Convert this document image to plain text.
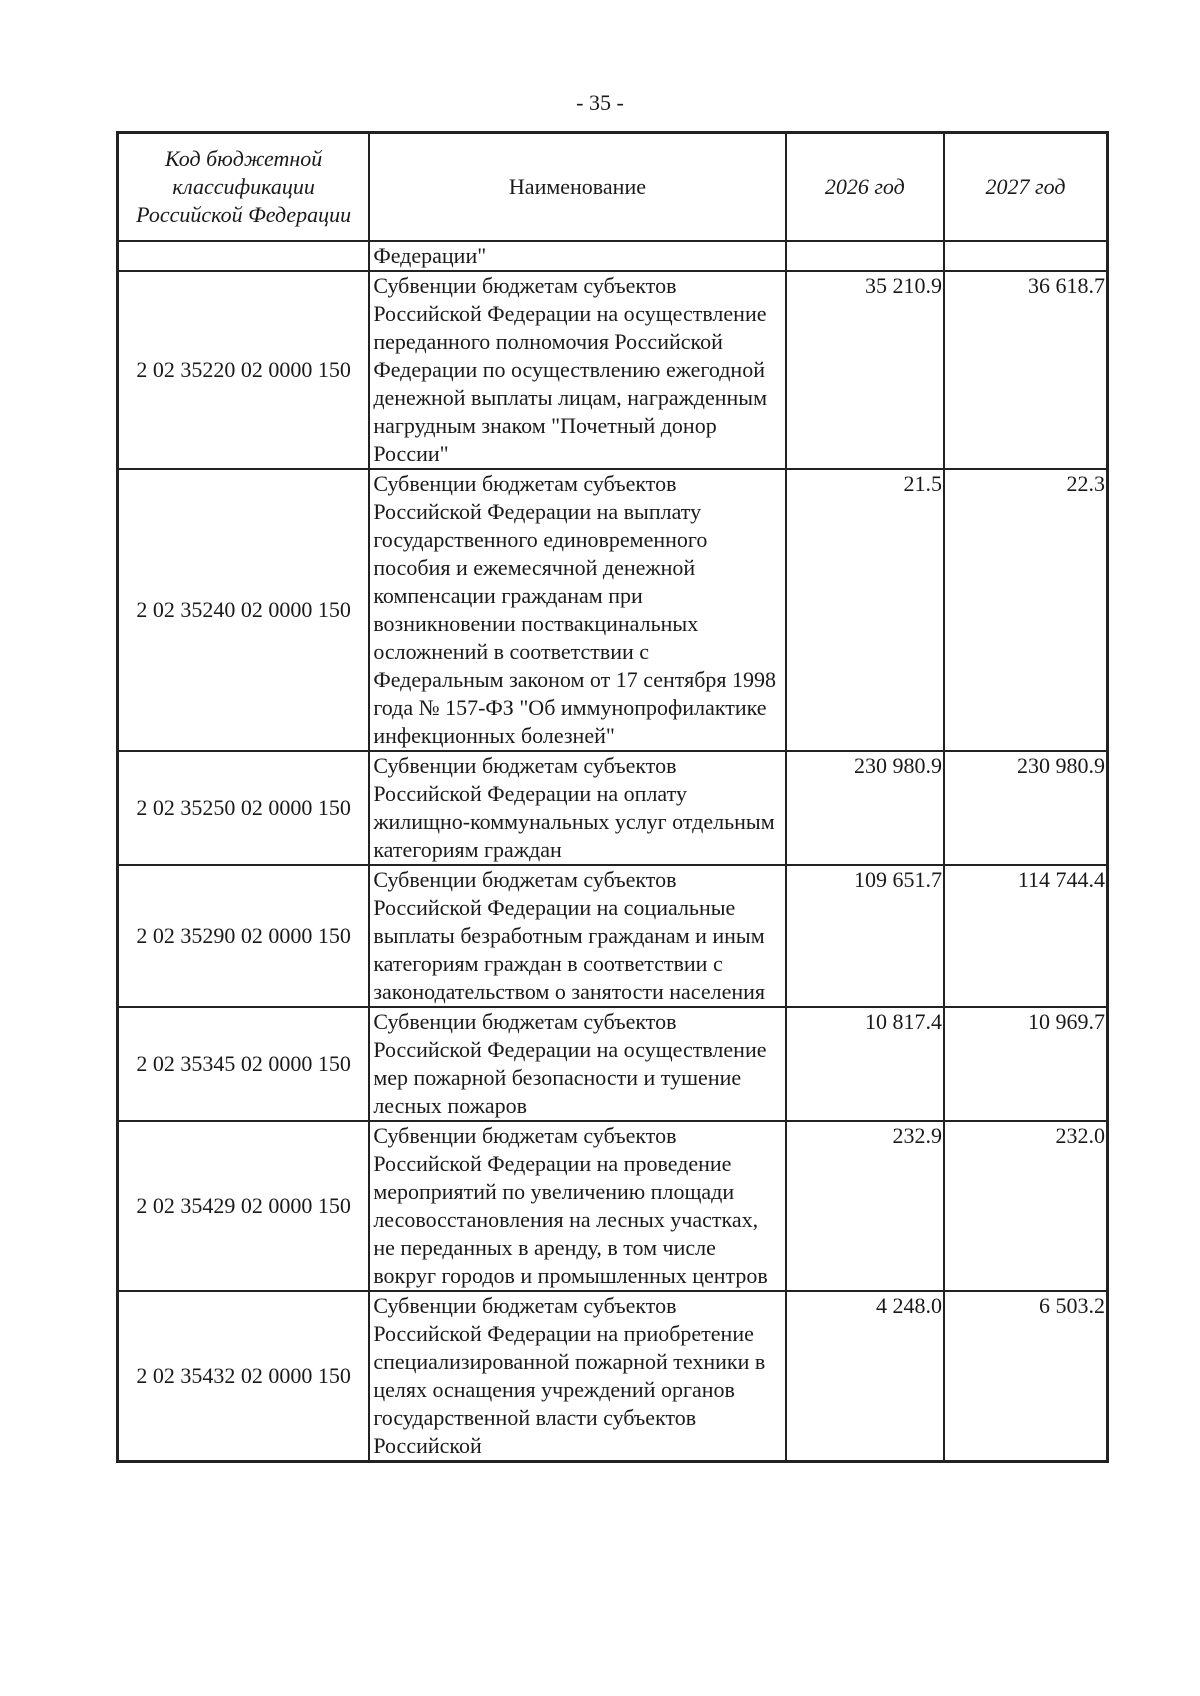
- 35 -
Код бюджетной классификации Российской Федерации	Наименование	2026 год	2027 год
	Федерации"		
2 02 35220 02 0000 150	Субвенции бюджетам субъектов Российской Федерации на осуществление переданного полномочия Российской Федерации по осуществлению ежегодной денежной выплаты лицам, награжденным нагрудным знаком "Почетный донор России"	35 210.9	36 618.7
2 02 35240 02 0000 150	Субвенции бюджетам субъектов Российской Федерации на выплату государственного единовременного пособия и ежемесячной денежной компенсации гражданам при возникновении поствакцинальных осложнений в соответствии с Федеральным законом от 17 сентября 1998 года № 157-ФЗ "Об иммунопрофилактике инфекционных болезней"	21.5	22.3
2 02 35250 02 0000 150	Субвенции бюджетам субъектов Российской Федерации на оплату жилищно-коммунальных услуг отдельным категориям граждан	230 980.9	230 980.9
2 02 35290 02 0000 150	Субвенции бюджетам субъектов Российской Федерации на социальные выплаты безработным гражданам и иным категориям граждан в соответствии с законодательством о занятости населения	109 651.7	114 744.4
2 02 35345 02 0000 150	Субвенции бюджетам субъектов Российской Федерации на осуществление мер пожарной безопасности и тушение лесных пожаров	10 817.4	10 969.7
2 02 35429 02 0000 150	Субвенции бюджетам субъектов Российской Федерации на проведение мероприятий по увеличению площади лесовосстановления на лесных участках, не переданных в аренду, в том числе вокруг городов и промышленных центров	232.9	232.0
2 02 35432 02 0000 150	Субвенции бюджетам субъектов Российской Федерации на приобретение специализированной пожарной техники в целях оснащения учреждений органов государственной власти субъектов Российской	4 248.0	6 503.2
